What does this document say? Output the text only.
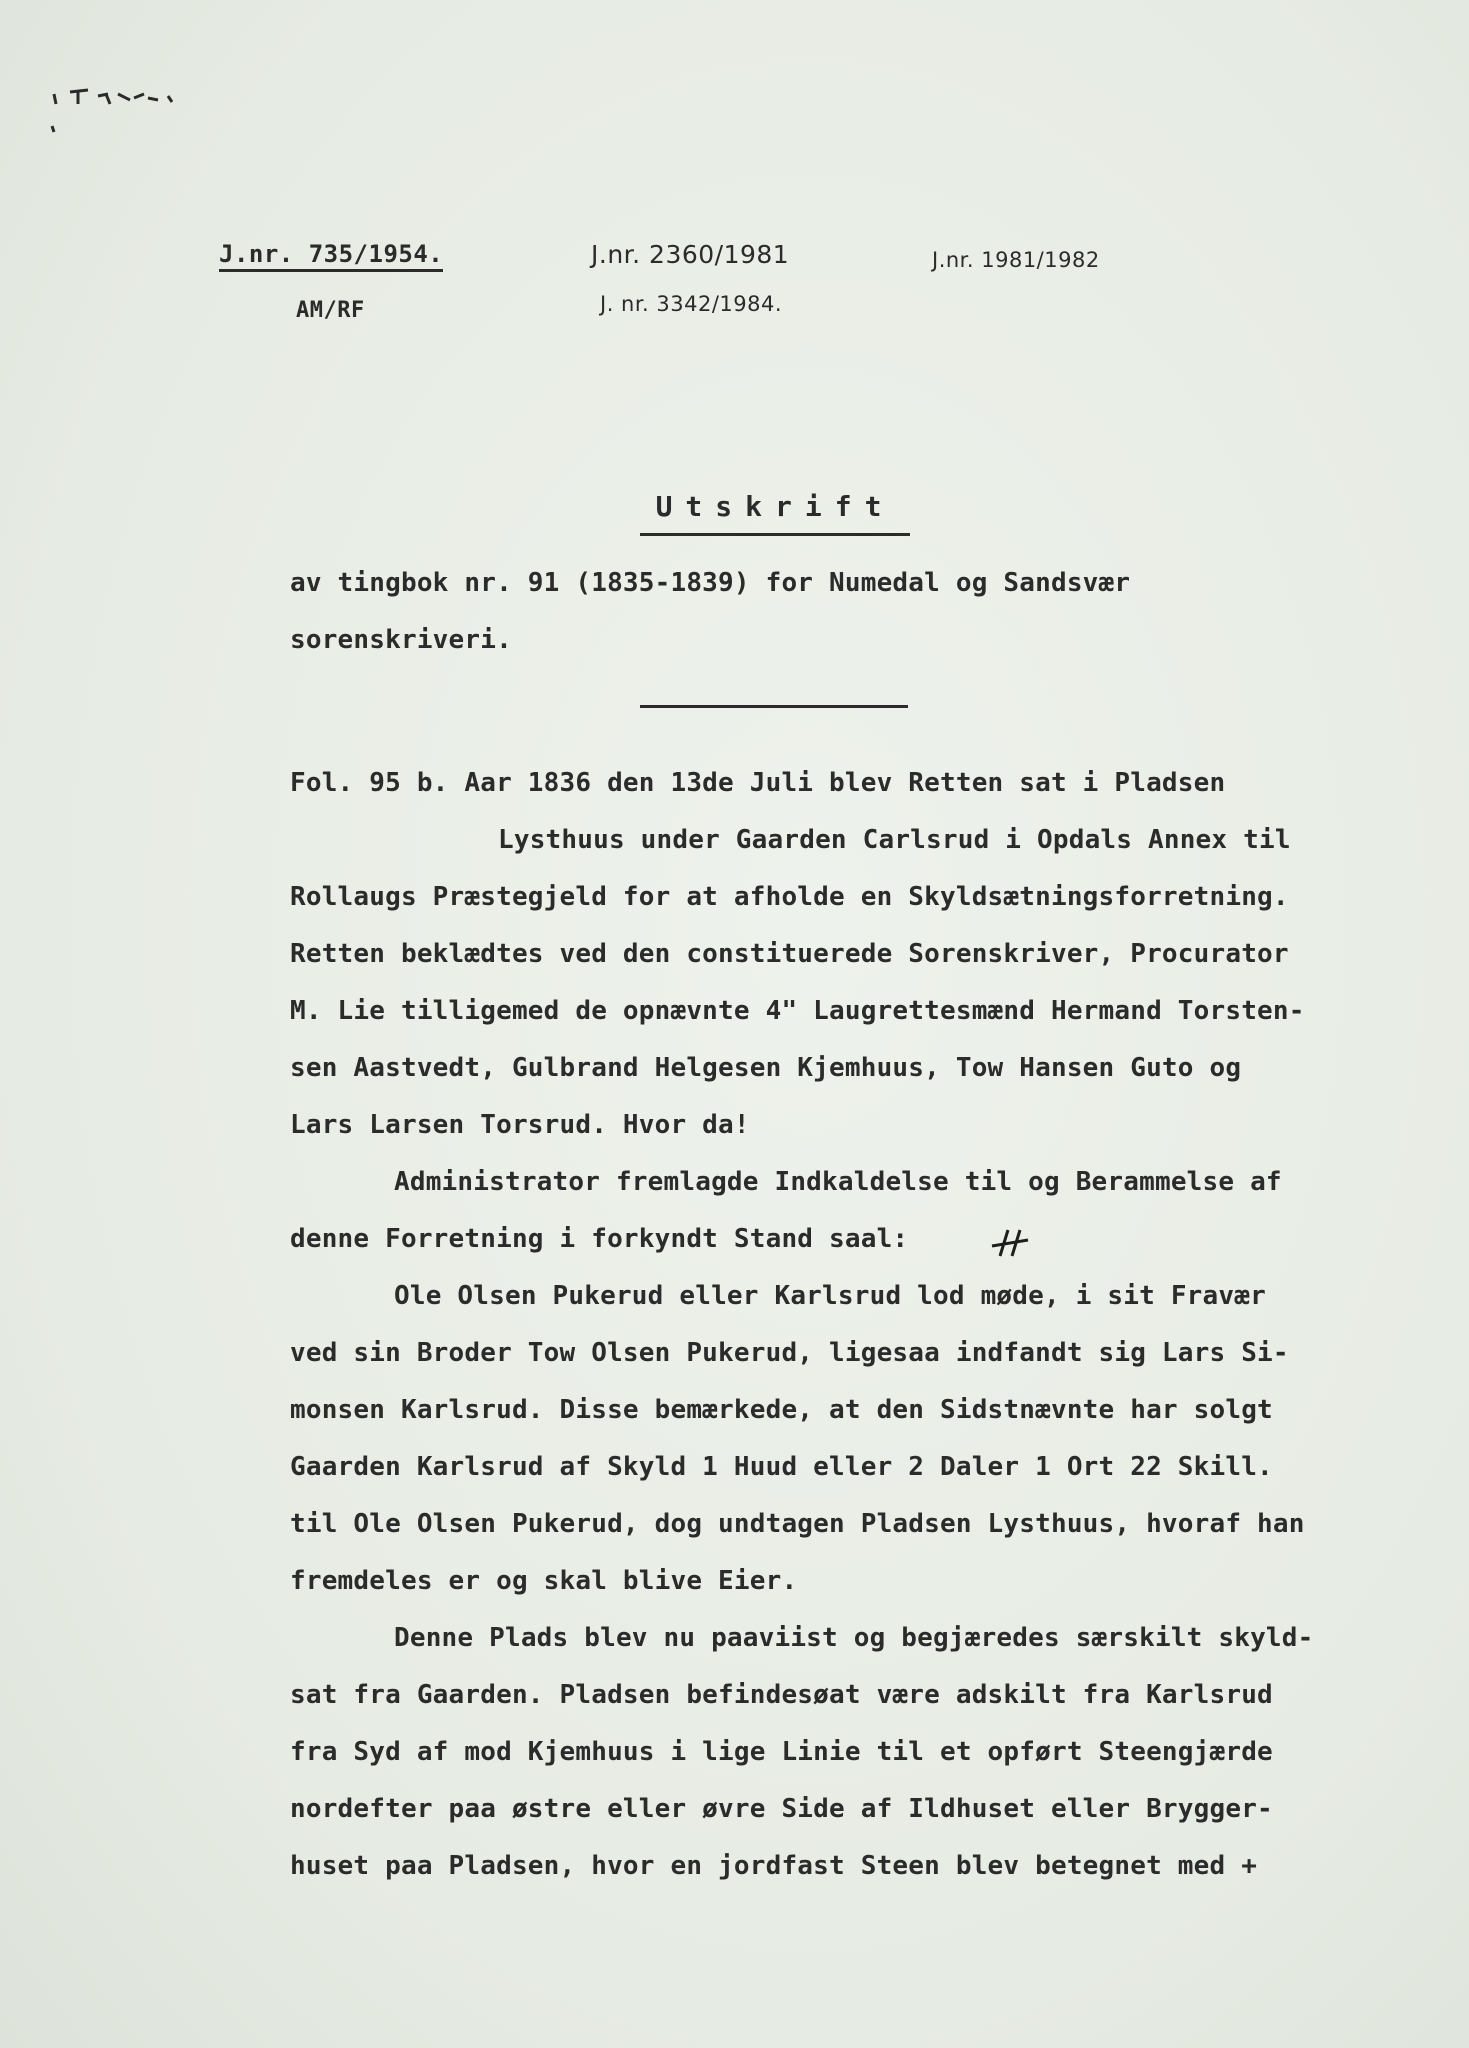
J.nr. 735/1954.
AM/RF
J.nr. 2360/1981
J. nr. 3342/1984.
J.nr. 1981/1982
Utskrift
av tingbok nr. 91 (1835-1839) for Numedal og Sandsvær
sorenskriveri.
Fol. 95 b. Aar 1836 den 13de Juli blev Retten sat i Pladsen
Lysthuus under Gaarden Carlsrud i Opdals Annex til
Rollaugs Præstegjeld for at afholde en Skyldsætningsforretning.
Retten beklædtes ved den constituerede Sorenskriver, Procurator
M. Lie tilligemed de opnævnte 4" Laugrettesmænd Hermand Torsten-
sen Aastvedt, Gulbrand Helgesen Kjemhuus, Tow Hansen Guto og
Lars Larsen Torsrud. Hvor da!
Administrator fremlagde Indkaldelse til og Berammelse af
denne Forretning i forkyndt Stand saal:
Ole Olsen Pukerud eller Karlsrud lod møde, i sit Fravær
ved sin Broder Tow Olsen Pukerud, ligesaa indfandt sig Lars Si-
monsen Karlsrud. Disse bemærkede, at den Sidstnævnte har solgt
Gaarden Karlsrud af Skyld 1 Huud eller 2 Daler 1 Ort 22 Skill.
til Ole Olsen Pukerud, dog undtagen Pladsen Lysthuus, hvoraf han
fremdeles er og skal blive Eier.
Denne Plads blev nu paaviist og begjæredes særskilt skyld-
sat fra Gaarden. Pladsen befindesøat være adskilt fra Karlsrud
fra Syd af mod Kjemhuus i lige Linie til et opført Steengjærde
nordefter paa østre eller øvre Side af Ildhuset eller Brygger-
huset paa Pladsen, hvor en jordfast Steen blev betegnet med +
